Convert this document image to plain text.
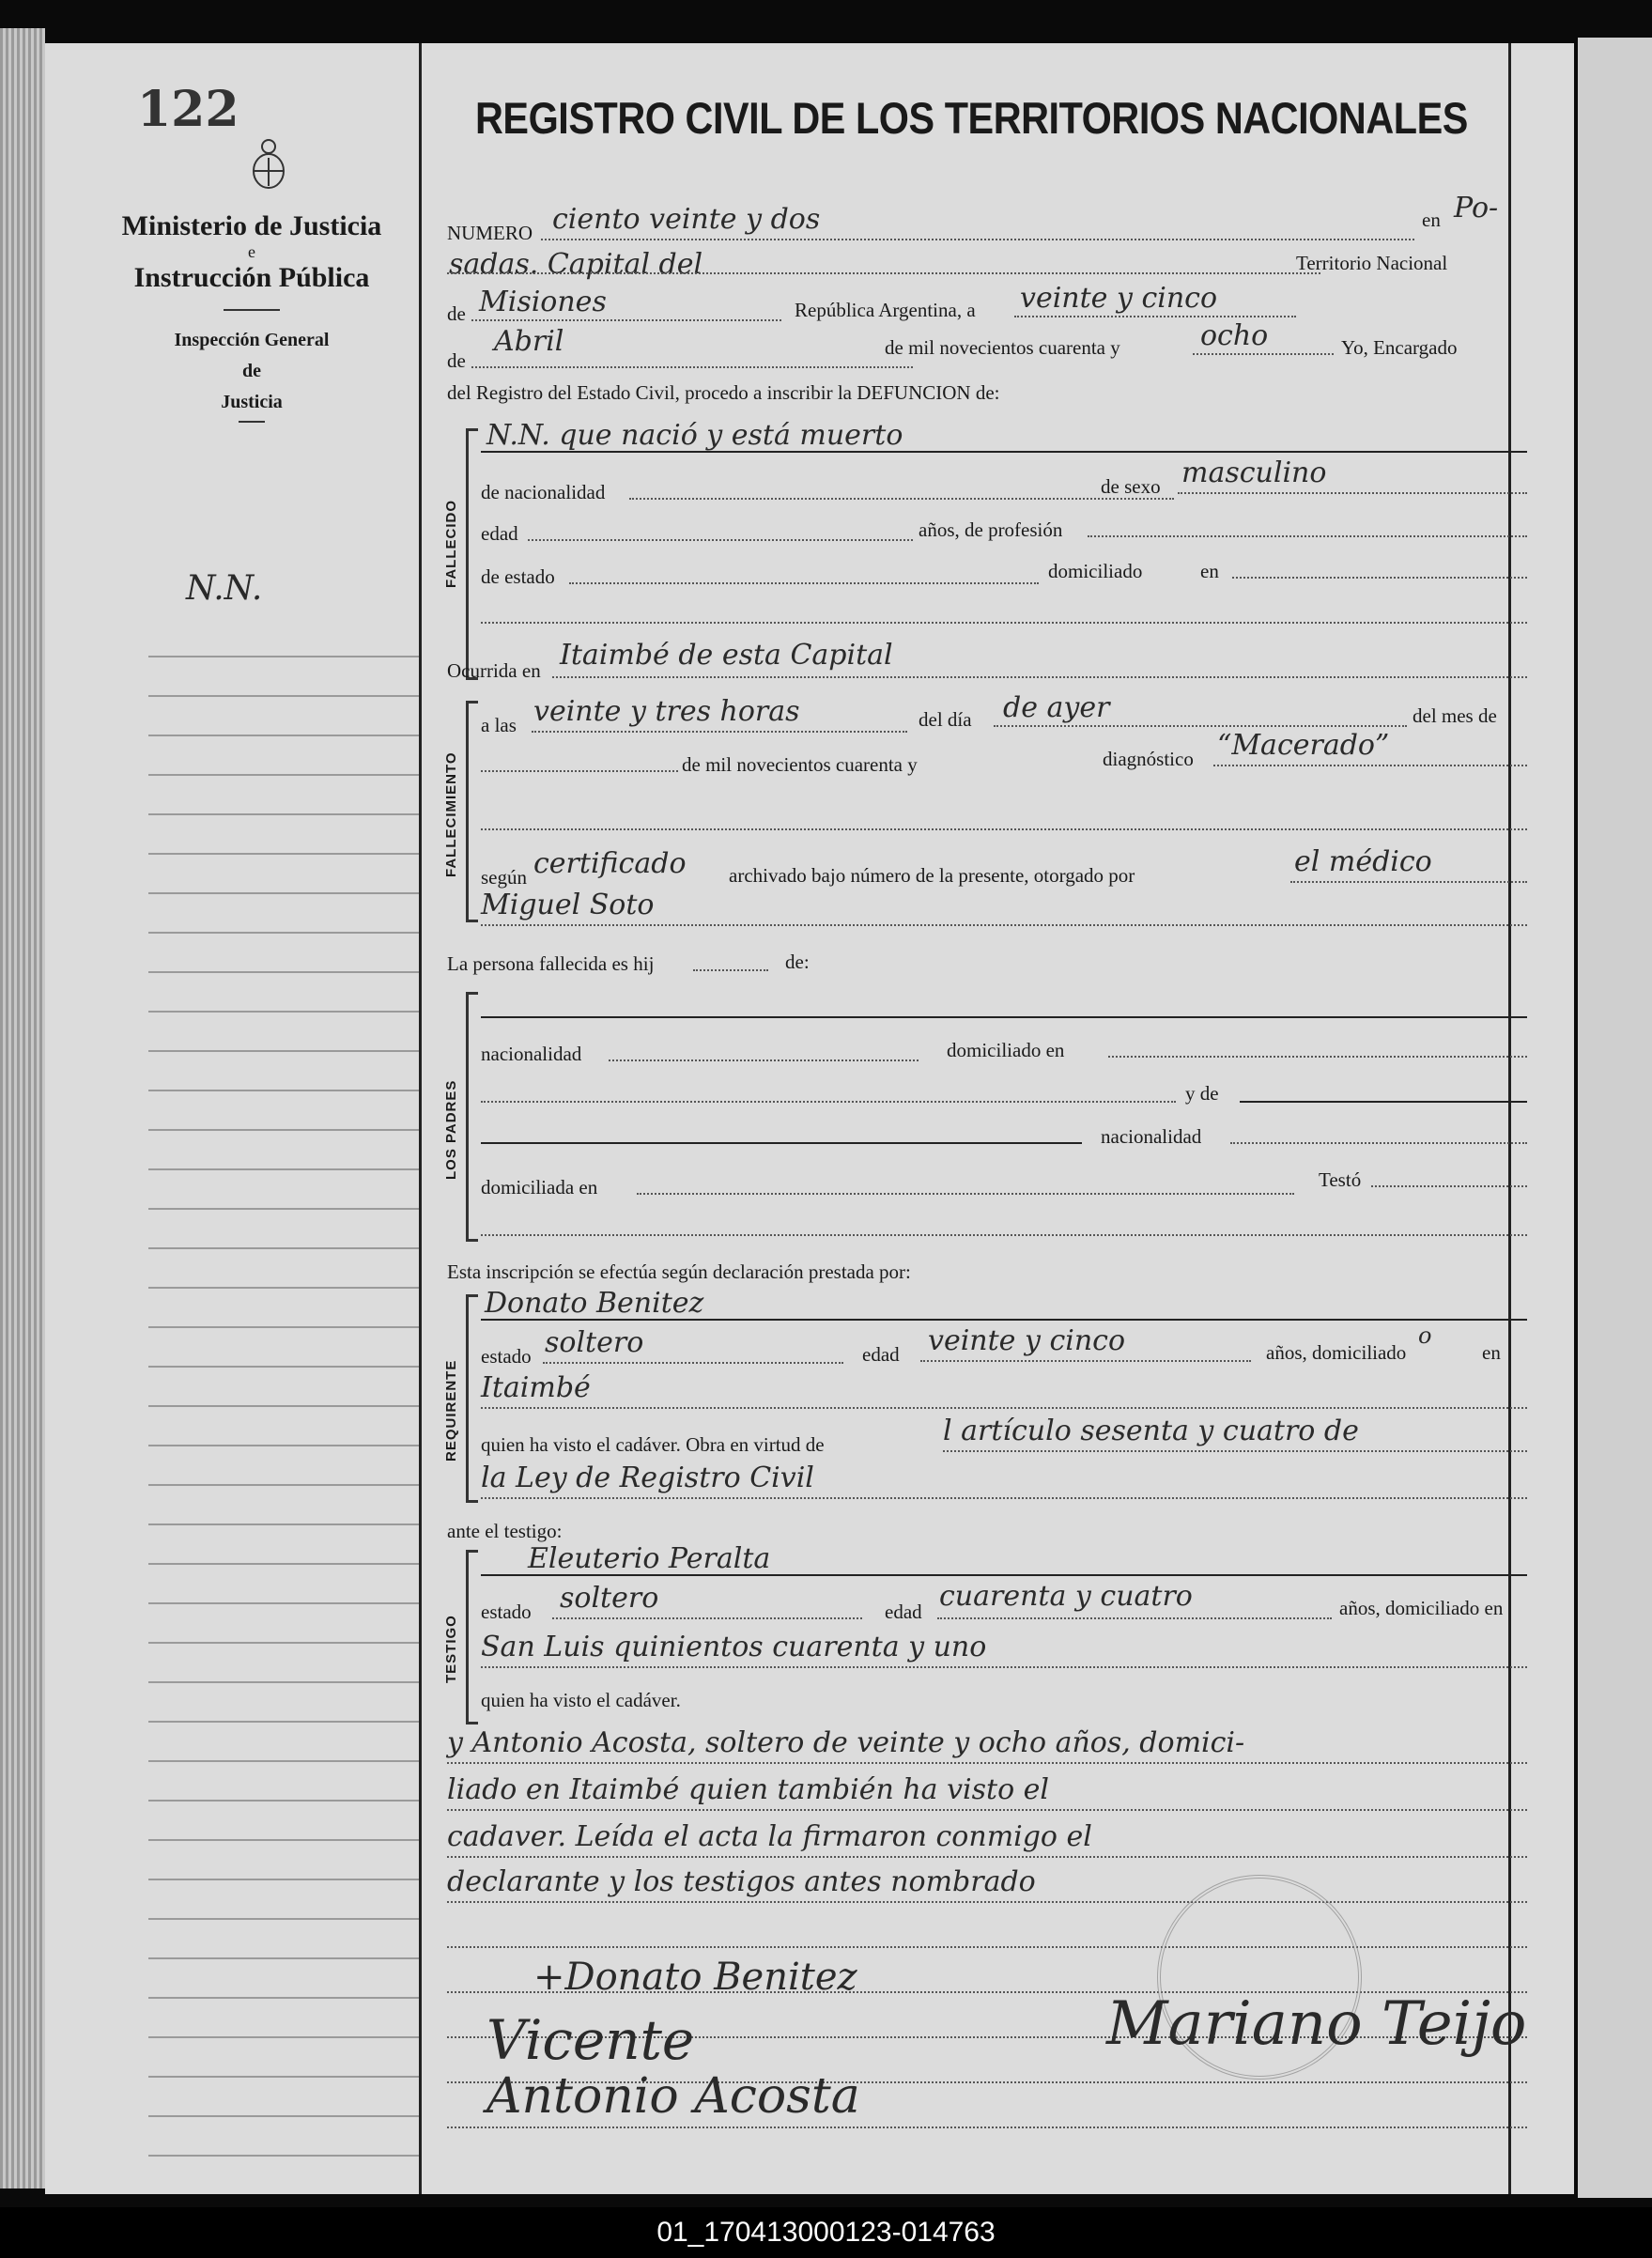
122
Ministerio de Justicia
e
Instrucción Pública
Inspección General
de
Justicia
N.N.
REGISTRO CIVIL DE LOS TERRITORIOS NACIONALES
NUMERO ciento veinte y dos	en Po-
sadas. Capital del	Territorio Nacional
de Misiones	República Argentina, a veinte y cinco
de
Abril	de mil novecientos cuarenta y	ocho	Yo, Encargado
del Registro del Estado Civil, procedo a inscribir la DEFUNCION de:
FALLECIDO
N.N. que nació y está muerto
de nacionalidad	de sexo masculino
edad	años, de profesión
de estado	domiciliado	en
Ocurrida en Itaimbé de esta Capital
FALLECIMIENTO
a las veinte y tres horas	del día de ayer	del mes de
de mil novecientos cuarenta y	diagnóstico “Macerado”
según certificado archivado bajo número de la presente, otorgado por	el médico
Miguel Soto
La persona fallecida es hij	de:
LOS PADRES
nacionalidad	domiciliado en
y de
nacionalidad
domiciliada en	Testó
Esta inscripción se efectúa según declaración prestada por:
REQUIRENTE
Donato Benitez
estado soltero	edad veinte y cinco	años, domiciliado
o
en
Itaimbé
quien ha visto el cadáver. Obra en virtud de	l artículo sesenta y cuatro de
la Ley de Registro Civil
ante el testigo:
TESTIGO
Eleuterio Peralta
estado soltero	edad cuarenta y cuatro	años, domiciliado en
San Luis quinientos cuarenta y uno
quien ha visto el cadáver.
y Antonio Acosta, soltero de veinte y ocho años, domici-
liado en Itaimbé quien también ha visto el
cadaver. Leída el acta la firmaron conmigo el
declarante y los testigos antes nombrado
+Donato Benitez
Vicente
Antonio Acosta
Mariano Teijo
01_170413000123-014763
